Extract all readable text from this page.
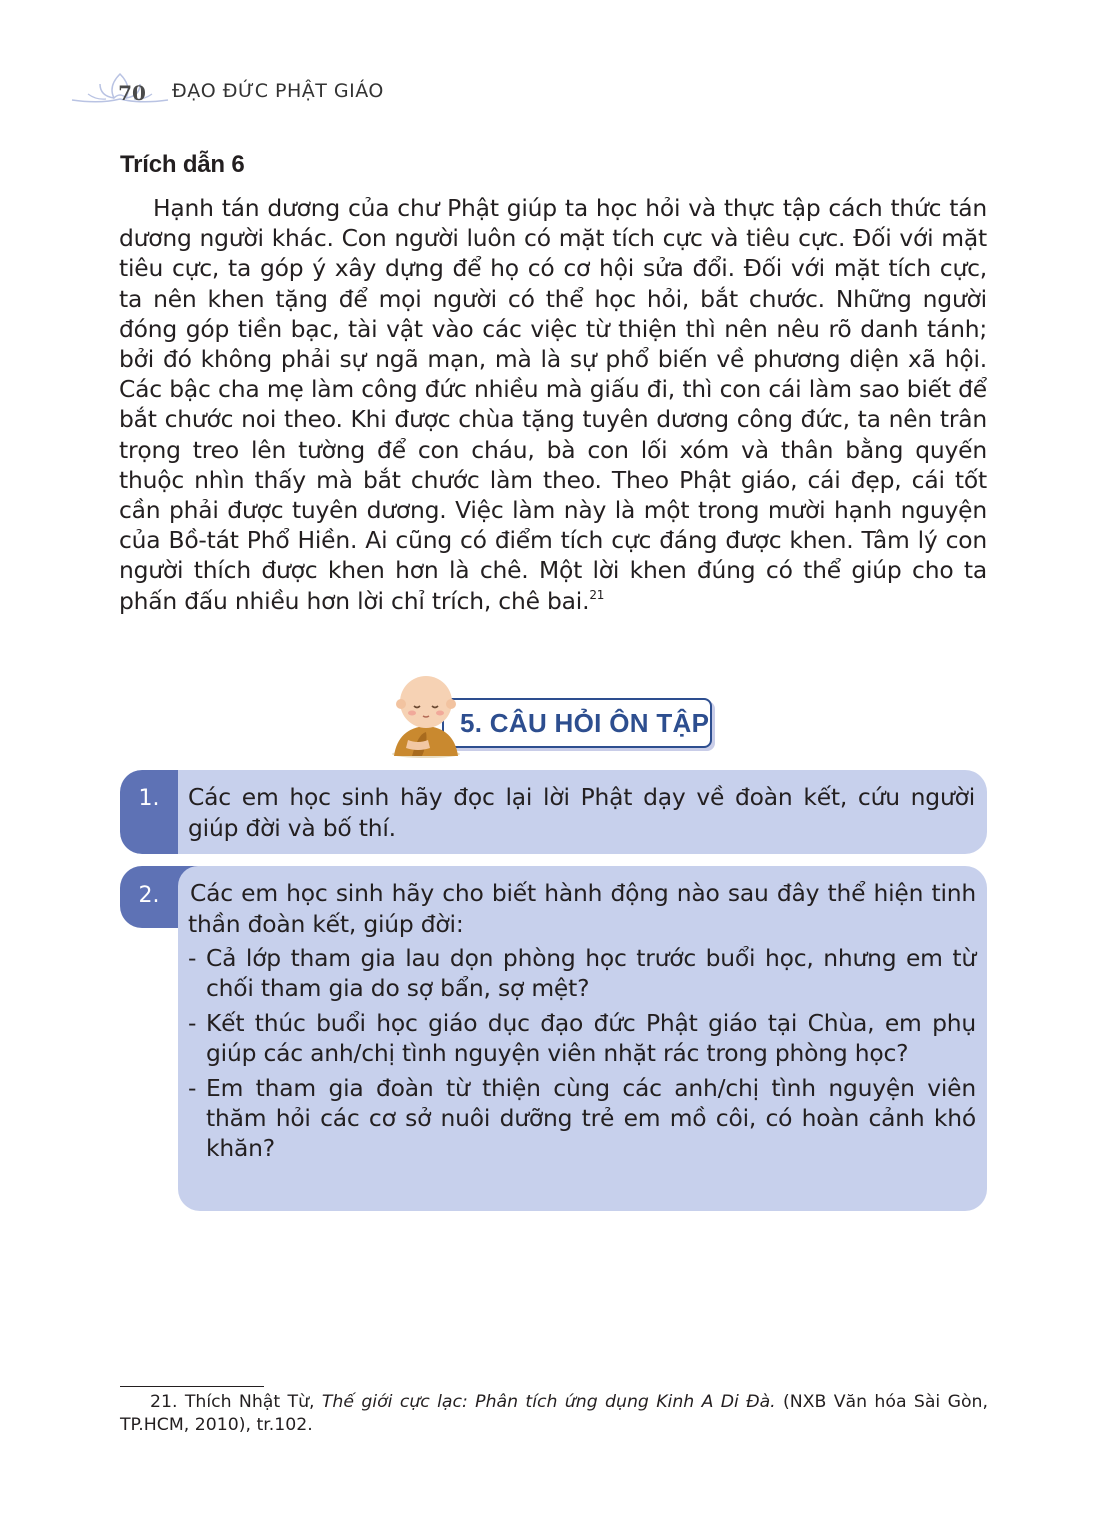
70	ĐẠO ĐỨC PHẬT GIÁO
Trích dẫn 6

Hạnh tán dương của chư Phật giúp ta học hỏi và thực tập cách thức tán dương người khác. Con người luôn có mặt tích cực và tiêu cực. Đối với mặt tiêu cực, ta góp ý xây dựng để họ có cơ hội sửa đổi. Đối với mặt tích cực, ta nên khen tặng để mọi người có thể học hỏi, bắt chước. Những người đóng góp tiền bạc, tài vật vào các việc từ thiện thì nên nêu rõ danh tánh; bởi đó không phải sự ngã mạn, mà là sự phổ biến về phương diện xã hội. Các bậc cha mẹ làm công đức nhiều mà giấu đi, thì con cái làm sao biết để bắt chước noi theo. Khi được chùa tặng tuyên dương công đức, ta nên trân trọng treo lên tường để con cháu, bà con lối xóm và thân bằng quyến thuộc nhìn thấy mà bắt chước làm theo. Theo Phật giáo, cái đẹp, cái tốt cần phải được tuyên dương. Việc làm này là một trong mười hạnh nguyện của Bồ-tát Phổ Hiền. Ai cũng có điểm tích cực đáng được khen. Tâm lý con người thích được khen hơn là chê. Một lời khen đúng có thể giúp cho ta phấn đấu nhiều hơn lời chỉ trích, chê bai.$^{21}$

5. CÂU HỎI ÔN TẬP
1.	Các em học sinh hãy đọc lại lời Phật dạy về đoàn kết, cứu người giúp đời và bố thí.

2.	Các em học sinh hãy cho biết hành động nào sau đây thể hiện tinh thần đoàn kết, giúp đời:

- Cả lớp tham gia lau dọn phòng học trước buổi học, nhưng em từ chối tham gia do sợ bẩn, sợ mệt?
- Kết thúc buổi học giáo dục đạo đức Phật giáo tại Chùa, em phụ giúp các anh/chị tình nguyện viên nhặt rác trong phòng học?
- Em tham gia đoàn từ thiện cùng các anh/chị tình nguyện viên thăm hỏi các cơ sở nuôi dưỡng trẻ em mồ côi, có hoàn cảnh khó khăn?

21. Thích Nhật Từ, Thế giới cực lạc: Phân tích ứng dụng Kinh A Di Đà. (NXB Văn hóa Sài Gòn, TP.HCM, 2010), tr.102.
